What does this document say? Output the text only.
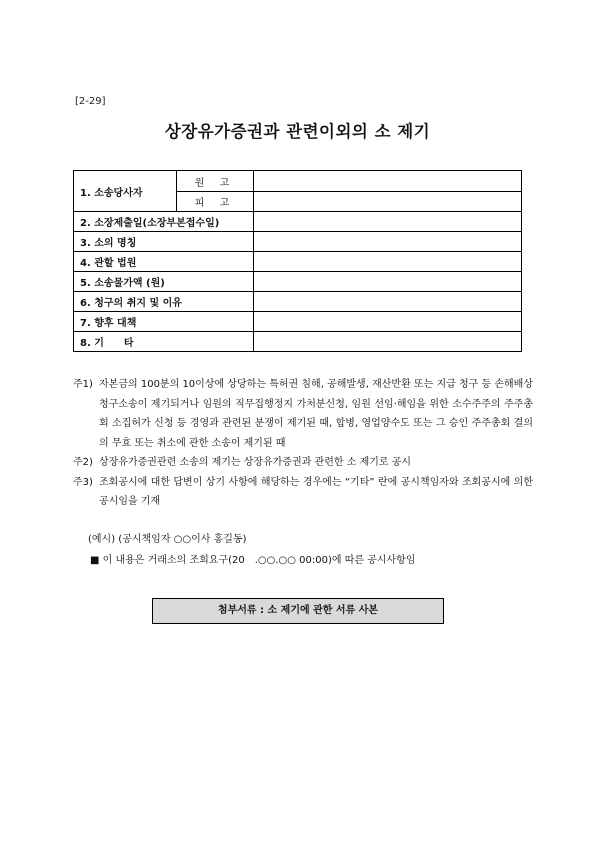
[2-29]
상장유가증권과 관련이외의 소 제기
1. 소송당사자	원 고	
	피 고	
2. 소장제출일(소장부본접수일)		
3. 소의 명칭		
4. 관할 법원		
5. 소송물가액 (원)		
6. 청구의 취지 및 이유		
7. 향후 대책		
8. 기　　타		
주1) 자본금의 100분의 10이상에 상당하는 특허권 침해, 공해발생, 재산반환 또는 지급 청구 등 손해배상청구소송이 제기되거나 임원의 직무집행정지 가처분신청, 임원 선임·해임을 위한 소수주주의 주주총회 소집허가 신청 등 경영과 관련된 분쟁이 제기된 때, 합병, 영업양수도 또는 그 승인 주주총회 결의의 무효 또는 취소에 관한 소송이 제기된 때
주2) 상장유가증권관련 소송의 제기는 상장유가증권과 관련한 소 제기로 공시
주3) 조회공시에 대한 답변이 상기 사항에 해당하는 경우에는 “기타” 란에 공시책임자와 조회공시에 의한 공시임을 기재
(예시) (공시책임자 ○○이사 홍길동)
■ 이 내용은 거래소의 조회요구(20　.○○.○○ 00:00)에 따른 공시사항임
첨부서류 : 소 제기에 관한 서류 사본
